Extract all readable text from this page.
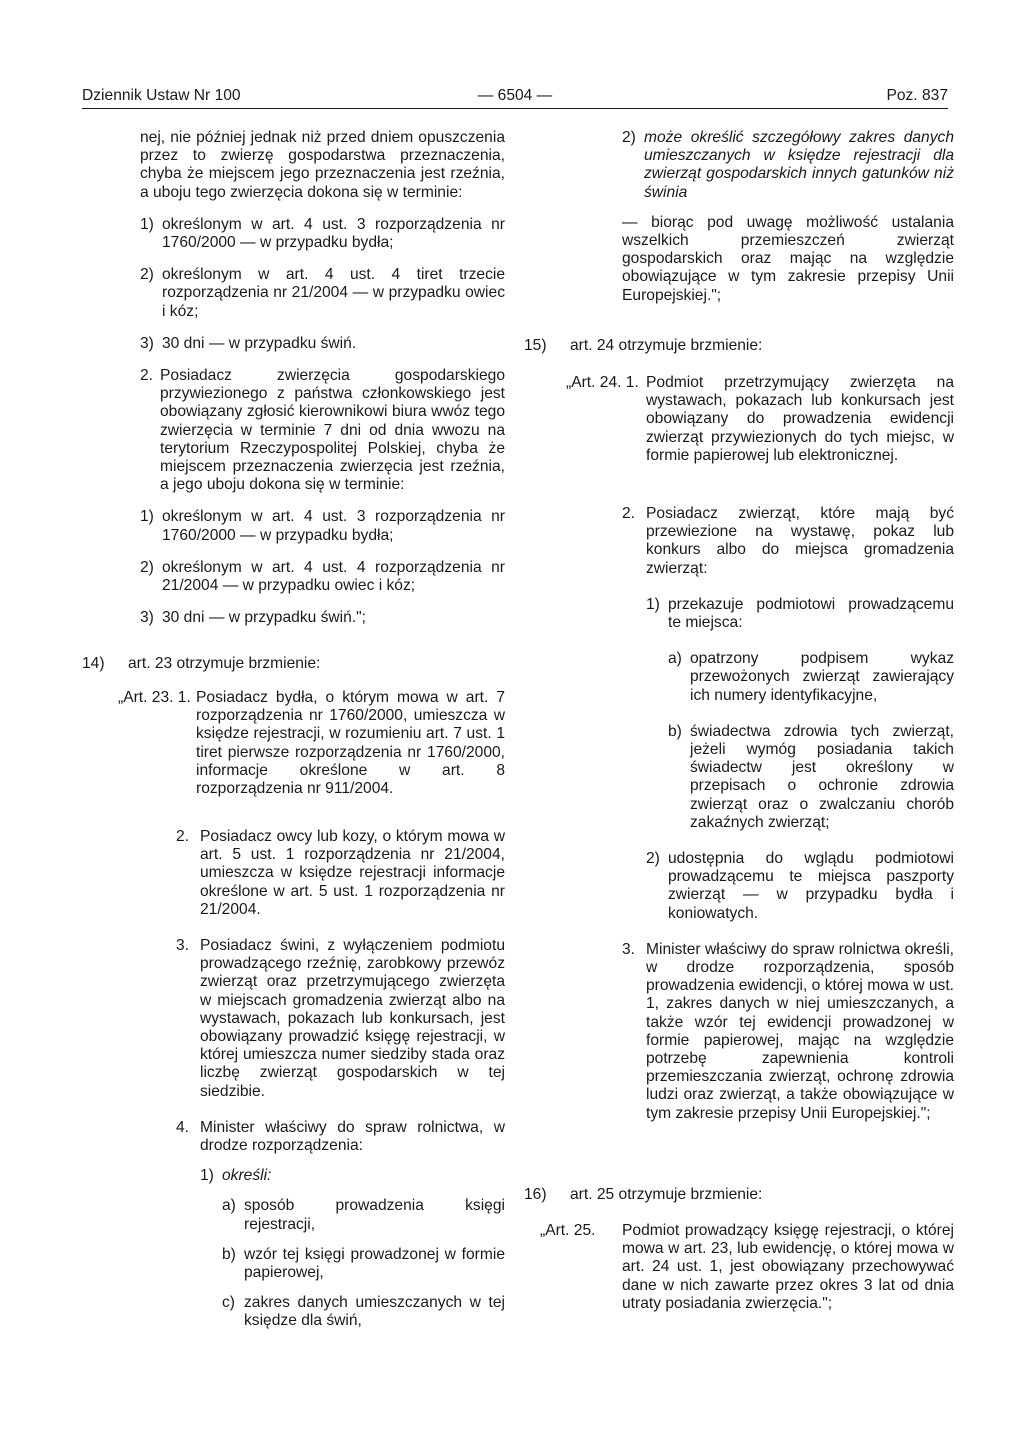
Dziennik Ustaw Nr 100	— 6504 —	Poz. 837

nej, nie później jednak niż przed dniem opuszczenia przez to zwierzę gospodarstwa przeznaczenia, chyba że miejscem jego przeznaczenia jest rzeźnia, a uboju tego zwierzęcia dokona się w terminie:

1) określonym w art. 4 ust. 3 rozporządzenia nr 1760/2000 — w przypadku bydła;
2) określonym w art. 4 ust. 4 tiret trzecie rozporządzenia nr 21/2004 — w przypadku owiec i kóz;
3) 30 dni — w przypadku świń.
2. Posiadacz zwierzęcia gospodarskiego przywiezionego z państwa członkowskiego jest obowiązany zgłosić kierownikowi biura wwóz tego zwierzęcia w terminie 7 dni od dnia wwozu na terytorium Rzeczypospolitej Polskiej, chyba że miejscem przeznaczenia zwierzęcia jest rzeźnia, a jego uboju dokona się w terminie:
1) określonym w art. 4 ust. 3 rozporządzenia nr 1760/2000 — w przypadku bydła;
2) określonym w art. 4 ust. 4 rozporządzenia nr 21/2004 — w przypadku owiec i kóz;
3) 30 dni — w przypadku świń.";
14)	art. 23 otrzymuje brzmienie:
„Art. 23. 1. Posiadacz bydła, o którym mowa w art. 7 rozporządzenia nr 1760/2000, umieszcza w księdze rejestracji, w rozumieniu art. 7 ust. 1 tiret pierwsze rozporządzenia nr 1760/2000, informacje określone w art. 8 rozporządzenia nr 911/2004.
2. Posiadacz owcy lub kozy, o którym mowa w art. 5 ust. 1 rozporządzenia nr 21/2004, umieszcza w księdze rejestracji informacje określone w art. 5 ust. 1 rozporządzenia nr 21/2004.
3. Posiadacz świni, z wyłączeniem podmiotu prowadzącego rzeźnię, zarobkowy przewóz zwierząt oraz przetrzymującego zwierzęta w miejscach gromadzenia zwierząt albo na wystawach, pokazach lub konkursach, jest obowiązany prowadzić księgę rejestracji, w której umieszcza numer siedziby stada oraz liczbę zwierząt gospodarskich w tej siedzibie.
4. Minister właściwy do spraw rolnictwa, w drodze rozporządzenia:
1) określi:
a) sposób prowadzenia księgi rejestracji,
b) wzór tej księgi prowadzonej w formie papierowej,
c) zakres danych umieszczanych w tej księdze dla świń,
2) może określić szczegółowy zakres danych umieszczanych w księdze rejestracji dla zwierząt gospodarskich innych gatunków niż świnia

— biorąc pod uwagę możliwość ustalania wszelkich przemieszczeń zwierząt gospodarskich oraz mając na względzie obowiązujące w tym zakresie przepisy Unii Europejskiej.";

15)	art. 24 otrzymuje brzmienie:
„Art. 24. 1. Podmiot przetrzymujący zwierzęta na wystawach, pokazach lub konkursach jest obowiązany do prowadzenia ewidencji zwierząt przywiezionych do tych miejsc, w formie papierowej lub elektronicznej.
2. Posiadacz zwierząt, które mają być przewiezione na wystawę, pokaz lub konkurs albo do miejsca gromadzenia zwierząt:
1) przekazuje podmiotowi prowadzącemu te miejsca:
a) opatrzony podpisem wykaz przewożonych zwierząt zawierający ich numery identyfikacyjne,
b) świadectwa zdrowia tych zwierząt, jeżeli wymóg posiadania takich świadectw jest określony w przepisach o ochronie zdrowia zwierząt oraz o zwalczaniu chorób zakaźnych zwierząt;
2) udostępnia do wglądu podmiotowi prowadzącemu te miejsca paszporty zwierząt — w przypadku bydła i koniowatych.
3. Minister właściwy do spraw rolnictwa określi, w drodze rozporządzenia, sposób prowadzenia ewidencji, o której mowa w ust. 1, zakres danych w niej umieszczanych, a także wzór tej ewidencji prowadzonej w formie papierowej, mając na względzie potrzebę zapewnienia kontroli przemieszczania zwierząt, ochronę zdrowia ludzi oraz zwierząt, a także obowiązujące w tym zakresie przepisy Unii Europejskiej.";
16)	art. 25 otrzymuje brzmienie:
„Art. 25.	Podmiot prowadzący księgę rejestracji, o której mowa w art. 23, lub ewidencję, o której mowa w art. 24 ust. 1, jest obowiązany przechowywać dane w nich zawarte przez okres 3 lat od dnia utraty posiadania zwierzęcia.";
